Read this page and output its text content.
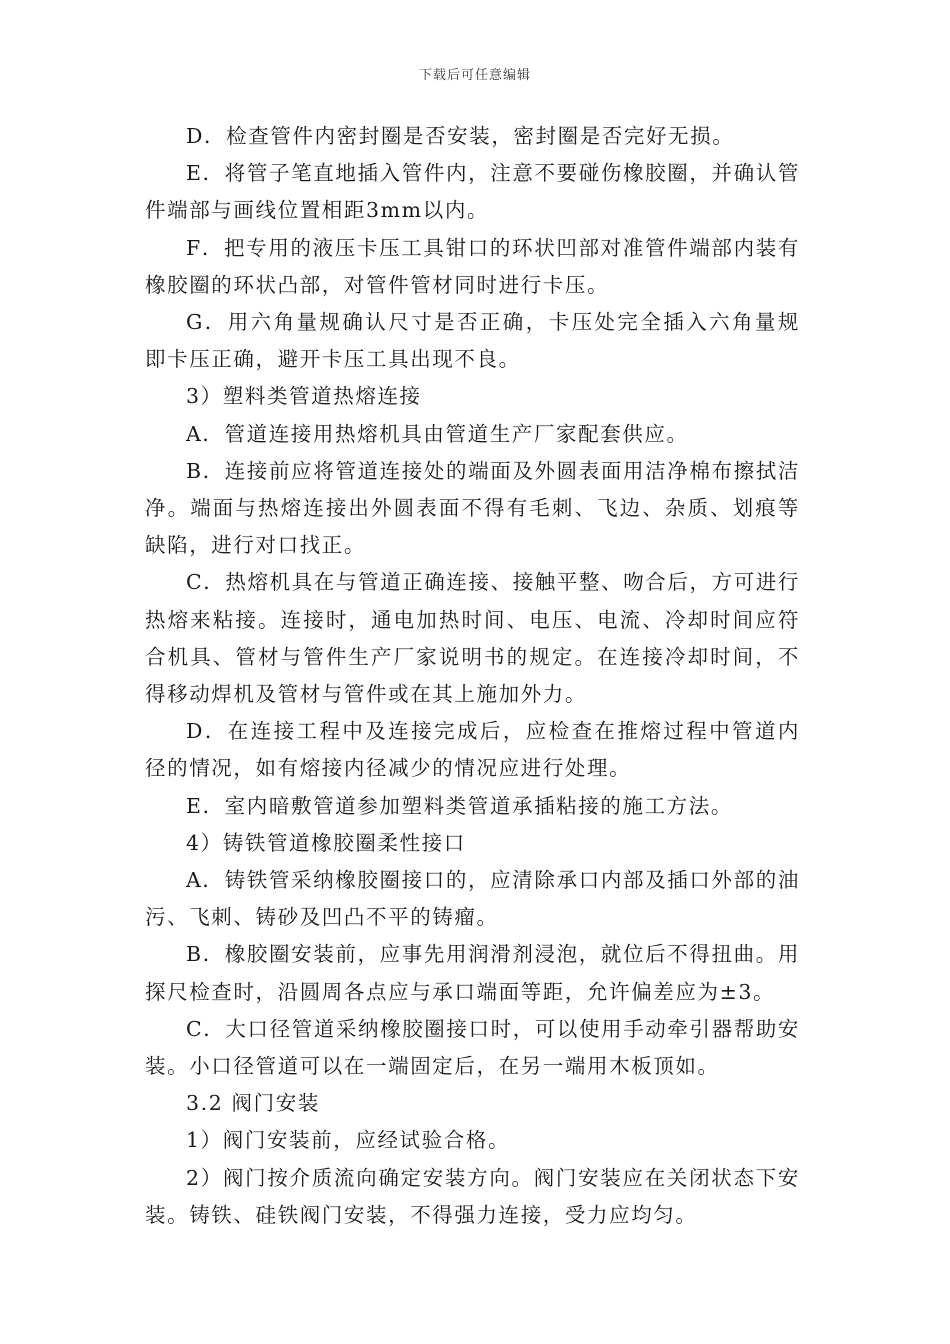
下载后可任意编辑

D．检查管件内密封圈是否安装，密封圈是否完好无损。

E．将管子笔直地插入管件内，注意不要碰伤橡胶圈，并确认管件端部与画线位置相距3mm以内。

F．把专用的液压卡压工具钳口的环状凹部对准管件端部内装有橡胶圈的环状凸部，对管件管材同时进行卡压。

G．用六角量规确认尺寸是否正确，卡压处完全插入六角量规即卡压正确，避开卡压工具出现不良。

3）塑料类管道热熔连接

A．管道连接用热熔机具由管道生产厂家配套供应。

B．连接前应将管道连接处的端面及外圆表面用洁净棉布擦拭洁净。端面与热熔连接出外圆表面不得有毛刺、飞边、杂质、划痕等缺陷，进行对口找正。

C．热熔机具在与管道正确连接、接触平整、吻合后，方可进行热熔来粘接。连接时，通电加热时间、电压、电流、冷却时间应符合机具、管材与管件生产厂家说明书的规定。在连接冷却时间，不得移动焊机及管材与管件或在其上施加外力。

D．在连接工程中及连接完成后，应检查在推熔过程中管道内径的情况，如有熔接内径减少的情况应进行处理。

E．室内暗敷管道参加塑料类管道承插粘接的施工方法。

4）铸铁管道橡胶圈柔性接口

A．铸铁管采纳橡胶圈接口的，应清除承口内部及插口外部的油污、飞刺、铸砂及凹凸不平的铸瘤。

B．橡胶圈安装前，应事先用润滑剂浸泡，就位后不得扭曲。用探尺检查时，沿圆周各点应与承口端面等距，允许偏差应为±3。

C．大口径管道采纳橡胶圈接口时，可以使用手动牵引器帮助安装。小口径管道可以在一端固定后，在另一端用木板顶如。

3.2 阀门安装

1）阀门安装前，应经试验合格。

2）阀门按介质流向确定安装方向。阀门安装应在关闭状态下安装。铸铁、硅铁阀门安装，不得强力连接，受力应均匀。
